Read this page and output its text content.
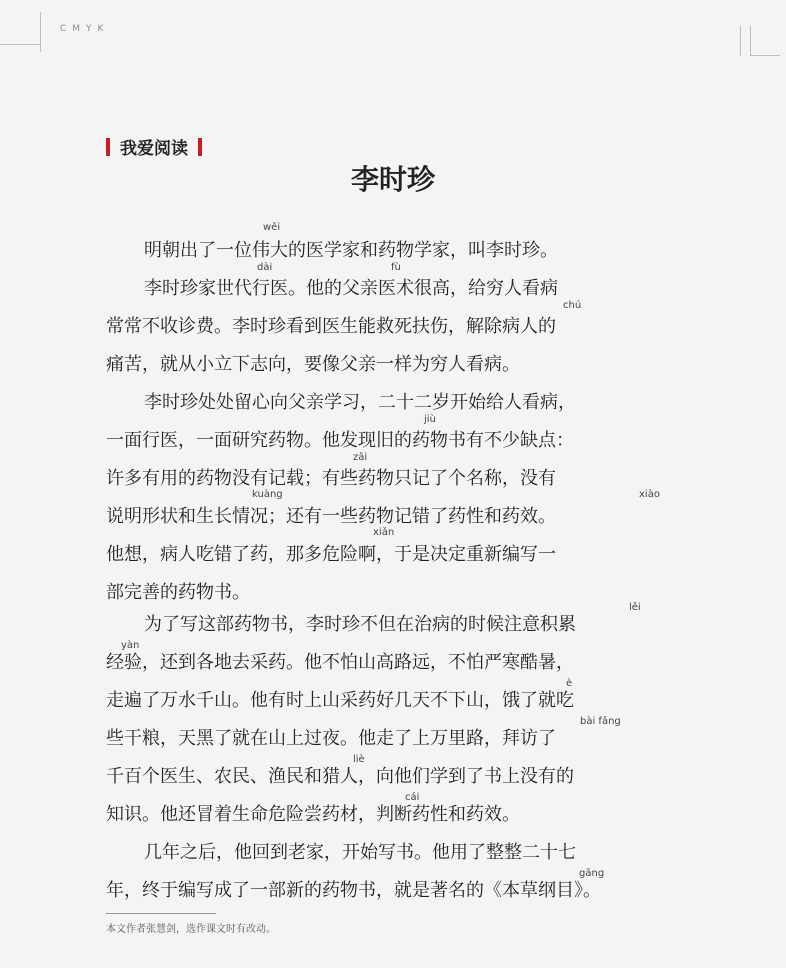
CMYK
我爱阅读
李时珍
明朝出了一位伟大的医学家和药物学家，叫李时珍。
李时珍家世代行医。他的父亲医术很高，给穷人看病
常常不收诊费。李时珍看到医生能救死扶伤，解除病人的
痛苦，就从小立下志向，要像父亲一样为穷人看病。
李时珍处处留心向父亲学习，二十二岁开始给人看病，
一面行医，一面研究药物。他发现旧的药物书有不少缺点：
许多有用的药物没有记载；有些药物只记了个名称，没有
说明形状和生长情况；还有一些药物记错了药性和药效。
他想，病人吃错了药，那多危险啊，于是决定重新编写一
部完善的药物书。
为了写这部药物书，李时珍不但在治病的时候注意积累
经验，还到各地去采药。他不怕山高路远，不怕严寒酷暑，
走遍了万水千山。他有时上山采药好几天不下山，饿了就吃
些干粮，天黑了就在山上过夜。他走了上万里路，拜访了
千百个医生、农民、渔民和猎人，向他们学到了书上没有的
知识。他还冒着生命危险尝药材，判断药性和药效。
几年之后，他回到老家，开始写书。他用了整整二十七
年，终于编写成了一部新的药物书，就是著名的《本草纲目》。
wěi
dài	fù
chú
jiù
zǎi
kuàng	xiào
xiǎn
lěi
yàn
è
bài fǎng
liè
cái
gāng
本文作者张慧剑，选作课文时有改动。
